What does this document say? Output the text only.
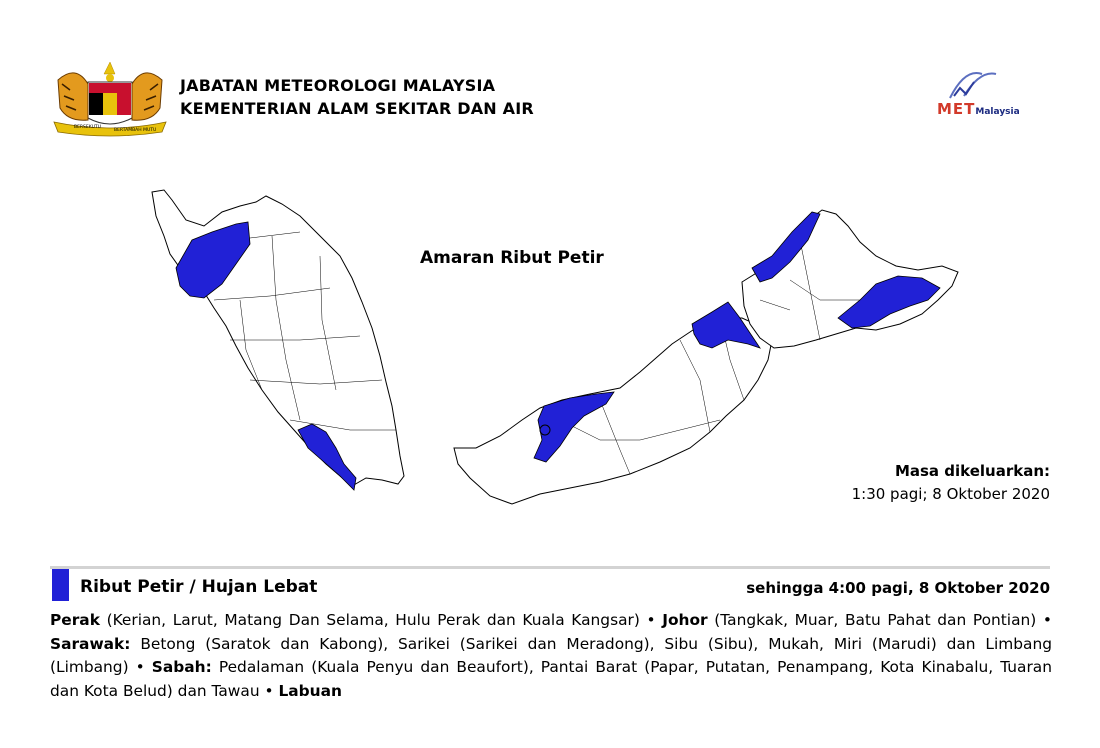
BERSEKUTU
BERTAMBAH MUTU
JABATAN METEOROLOGI MALAYSIA
KEMENTERIAN ALAM SEKITAR DAN AIR	METMalaysia
Amaran Ribut Petir
Masa dikeluarkan:
1:30 pagi; 8 Oktober 2020
Ribut Petir / Hujan Lebat	sehingga 4:00 pagi, 8 Oktober 2020
Perak (Kerian, Larut, Matang Dan Selama, Hulu Perak dan Kuala Kangsar) • Johor (Tangkak, Muar, Batu Pahat dan Pontian) • Sarawak: Betong (Saratok dan Kabong), Sarikei (Sarikei dan Meradong), Sibu (Sibu), Mukah, Miri (Marudi) dan Limbang (Limbang) • Sabah: Pedalaman (Kuala Penyu dan Beaufort), Pantai Barat (Papar, Putatan, Penampang, Kota Kinabalu, Tuaran dan Kota Belud) dan Tawau • Labuan
